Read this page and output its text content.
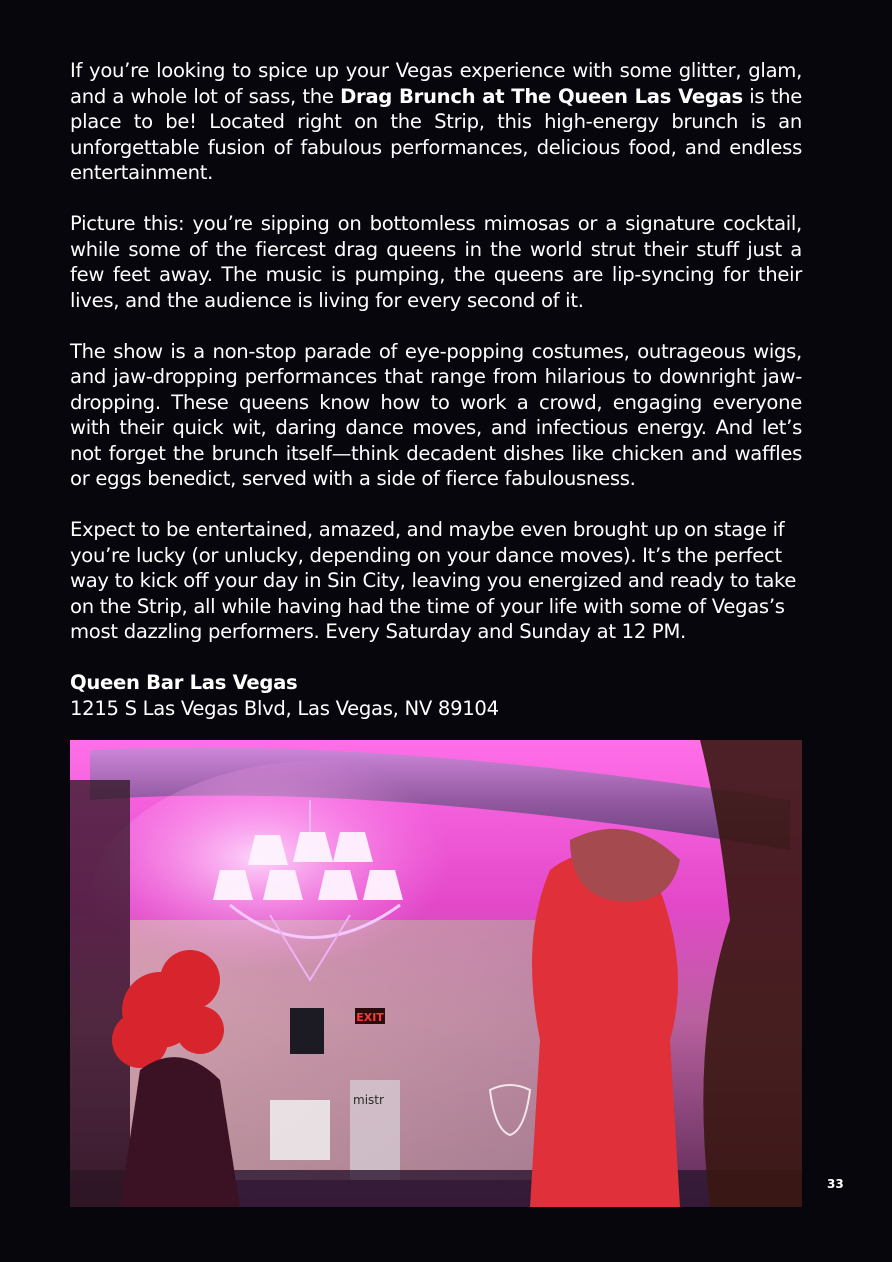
If you’re looking to spice up your Vegas experience with some glitter, glam, and a whole lot of sass, the Drag Brunch at The Queen Las Vegas is the place to be! Located right on the Strip, this high-energy brunch is an unforgettable fusion of fabulous performances, delicious food, and endless entertainment.

Picture this: you’re sipping on bottomless mimosas or a signature cocktail, while some of the fiercest drag queens in the world strut their stuff just a few feet away. The music is pumping, the queens are lip-syncing for their lives, and the audience is living for every second of it.

The show is a non-stop parade of eye-popping costumes, outrageous wigs, and jaw-dropping performances that range from hilarious to downright jaw-dropping. These queens know how to work a crowd, engaging everyone with their quick wit, daring dance moves, and infectious energy. And let’s not forget the brunch itself—think decadent dishes like chicken and waffles or eggs benedict, served with a side of fierce fabulousness.

Expect to be entertained, amazed, and maybe even brought up on stage if you’re lucky (or unlucky, depending on your dance moves). It’s the perfect way to kick off your day in Sin City, leaving you energized and ready to take on the Strip, all while having had the time of your life with some of Vegas’s most dazzling performers. Every Saturday and Sunday at 12 PM.

Queen Bar Las Vegas
1215 S Las Vegas Blvd, Las Vegas, NV 89104
EXIT
mistr
33
